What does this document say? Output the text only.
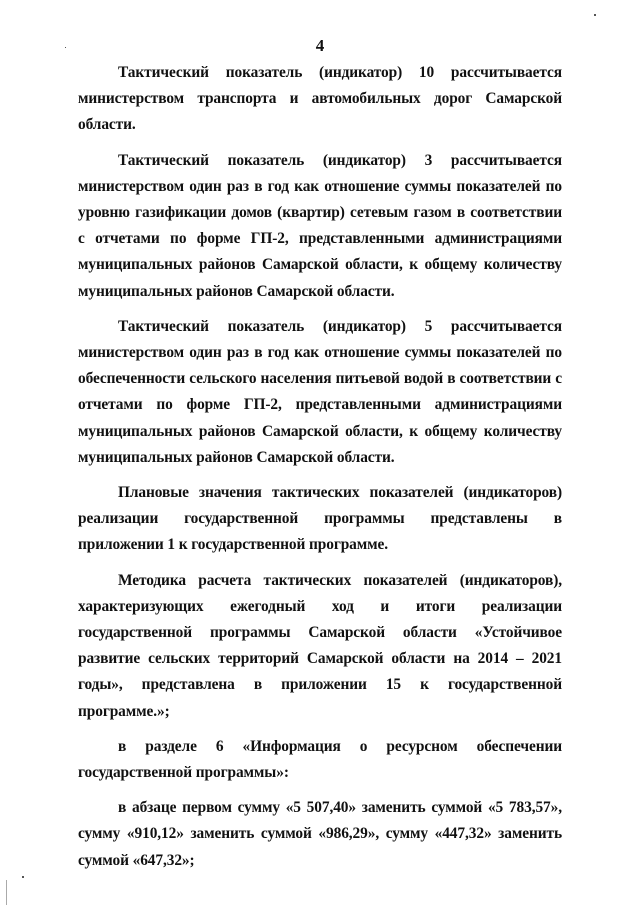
4

Тактический показатель (индикатор) 10 рассчитывается министерством транспорта и автомобильных дорог Самарской области.

Тактический показатель (индикатор) 3 рассчитывается министерством один раз в год как отношение суммы показателей по уровню газификации домов (квартир) сетевым газом в соответствии с отчетами по форме ГП-2, представленными администрациями муниципальных районов Самарской области, к общему количеству муниципальных районов Самарской области.

Тактический показатель (индикатор) 5 рассчитывается министерством один раз в год как отношение суммы показателей по обеспеченности сельского населения питьевой водой в соответствии с отчетами по форме ГП-2, представленными администрациями муниципальных районов Самарской области, к общему количеству муниципальных районов Самарской области.

Плановые значения тактических показателей (индикаторов) реализации государственной программы представлены в приложении 1 к государственной программе.

Методика расчета тактических показателей (индикаторов), характеризующих ежегодный ход и итоги реализации государственной программы Самарской области «Устойчивое развитие сельских территорий Самарской области на 2014 – 2021 годы», представлена в приложении 15 к государственной программе.»;

в разделе 6 «Информация о ресурсном обеспечении государственной программы»:

в абзаце первом сумму «5 507,40» заменить суммой «5 783,57», сумму «910,12» заменить суммой «986,29», сумму «447,32» заменить суммой «647,32»;
